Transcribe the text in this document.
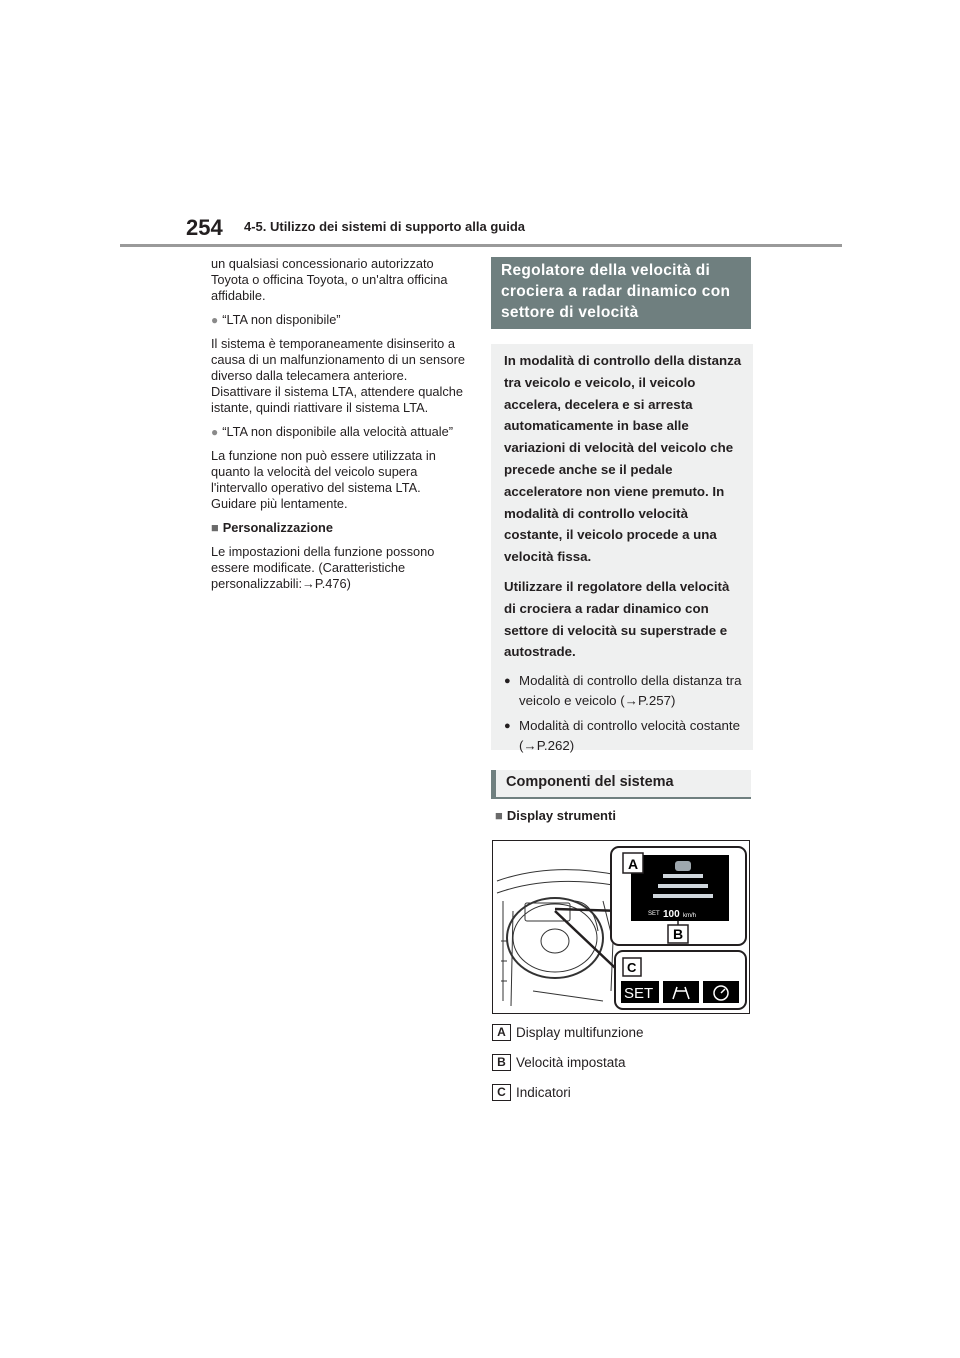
254 4-5. Utilizzo dei sistemi di supporto alla guida

un qualsiasi concessionario autorizzato Toyota o officina Toyota, o un'altra officina affidabile.

● “LTA non disponibile”

Il sistema è temporaneamente disinserito a causa di un malfunzionamento di un sensore diverso dalla telecamera anteriore. Disattivare il sistema LTA, attendere qualche istante, quindi riattivare il sistema LTA.

● “LTA non disponibile alla velocità attuale”

La funzione non può essere utilizzata in quanto la velocità del veicolo supera l'intervallo operativo del sistema LTA. Guidare più lentamente.

■ Personalizzazione

Le impostazioni della funzione possono essere modificate. (Caratteristiche personalizzabili:→P.476)

Regolatore della velocità di crociera a radar dinamico con settore di velocità

In modalità di controllo della distanza tra veicolo e veicolo, il veicolo accelera, decelera e si arresta automaticamente in base alle variazioni di velocità del veicolo che precede anche se il pedale acceleratore non viene premuto. In modalità di controllo velocità costante, il veicolo procede a una velocità fissa.

Utilizzare il regolatore della velocità di crociera a radar dinamico con settore di velocità su superstrade e autostrade.

● Modalità di controllo della distanza tra veicolo e veicolo (→P.257)
● Modalità di controllo velocità costante (→P.262)
Componenti del sistema
■ Display strumenti
SET 100 km/h
A
B
C
SET
A Display multifunzione
B Velocità impostata
C Indicatori
